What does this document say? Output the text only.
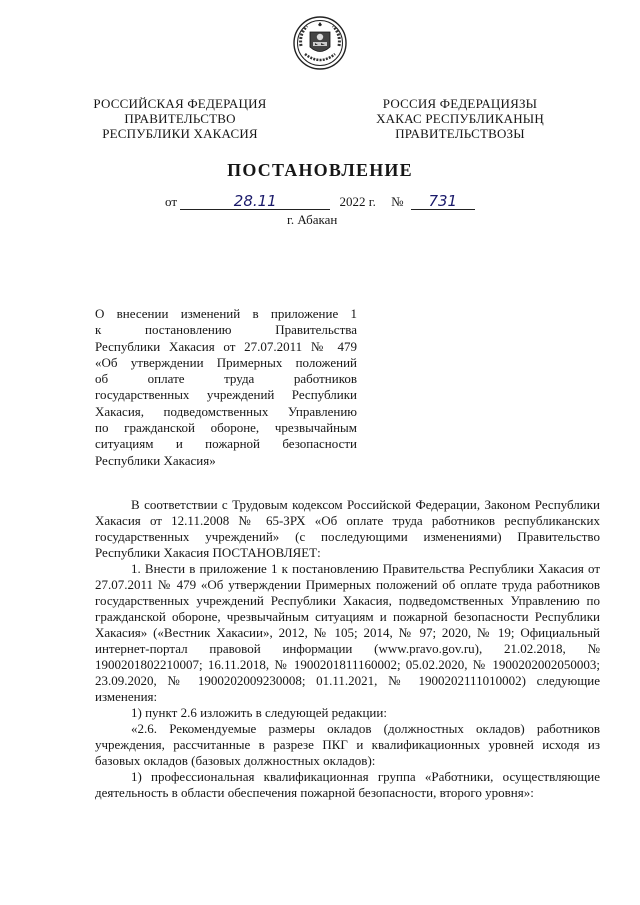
РОССИЙСКАЯ ФЕДЕРАЦИЯ
ПРАВИТЕЛЬСТВО
РЕСПУБЛИКИ ХАКАСИЯ
РОССИЯ ФЕДЕРАЦИЯЗЫ
ХАКАС РЕСПУБЛИКАНЫҢ
ПРАВИТЕЛЬСТВОЗЫ
ПОСТАНОВЛЕНИЕ
от	28.11	2022 г. № 731
г. Абакан
О внесении изменений в приложение 1
к постановлению Правительства
Республики Хакасия от 27.07.2011 № 479
«Об утверждении Примерных положений
об оплате труда работников
государственных учреждений Республики
Хакасия, подведомственных Управлению
по гражданской обороне, чрезвычайным
ситуациям и пожарной безопасности
Республики Хакасия»

В соответствии с Трудовым кодексом Российской Федерации, Законом Республики Хакасия от 12.11.2008 № 65-ЗРХ «Об оплате труда работников республиканских государственных учреждений» (с последующими изменениями) Правительство Республики Хакасия ПОСТАНОВЛЯЕТ:

1. Внести в приложение 1 к постановлению Правительства Республики Хакасия от 27.07.2011 № 479 «Об утверждении Примерных положений об оплате труда работников государственных учреждений Республики Хакасия, подведомственных Управлению по гражданской обороне, чрезвычайным ситуациям и пожарной безопасности Республики Хакасия» («Вестник Хакасии», 2012, № 105; 2014, № 97; 2020, № 19; Официальный интернет-портал правовой информации (www.pravo.gov.ru), 21.02.2018, № 1900201802210007; 16.11.2018, № 1900201811160002; 05.02.2020, № 1900202002050003; 23.09.2020, № 1900202009230008; 01.11.2021, № 1900202111010002) следующие изменения:

1) пункт 2.6 изложить в следующей редакции:

«2.6. Рекомендуемые размеры окладов (должностных окладов) работников учреждения, рассчитанные в разрезе ПКГ и квалификационных уровней исходя из базовых окладов (базовых должностных окладов):

1) профессиональная квалификационная группа «Работники, осуществляющие деятельность в области обеспечения пожарной безопасности, второго уровня»:
